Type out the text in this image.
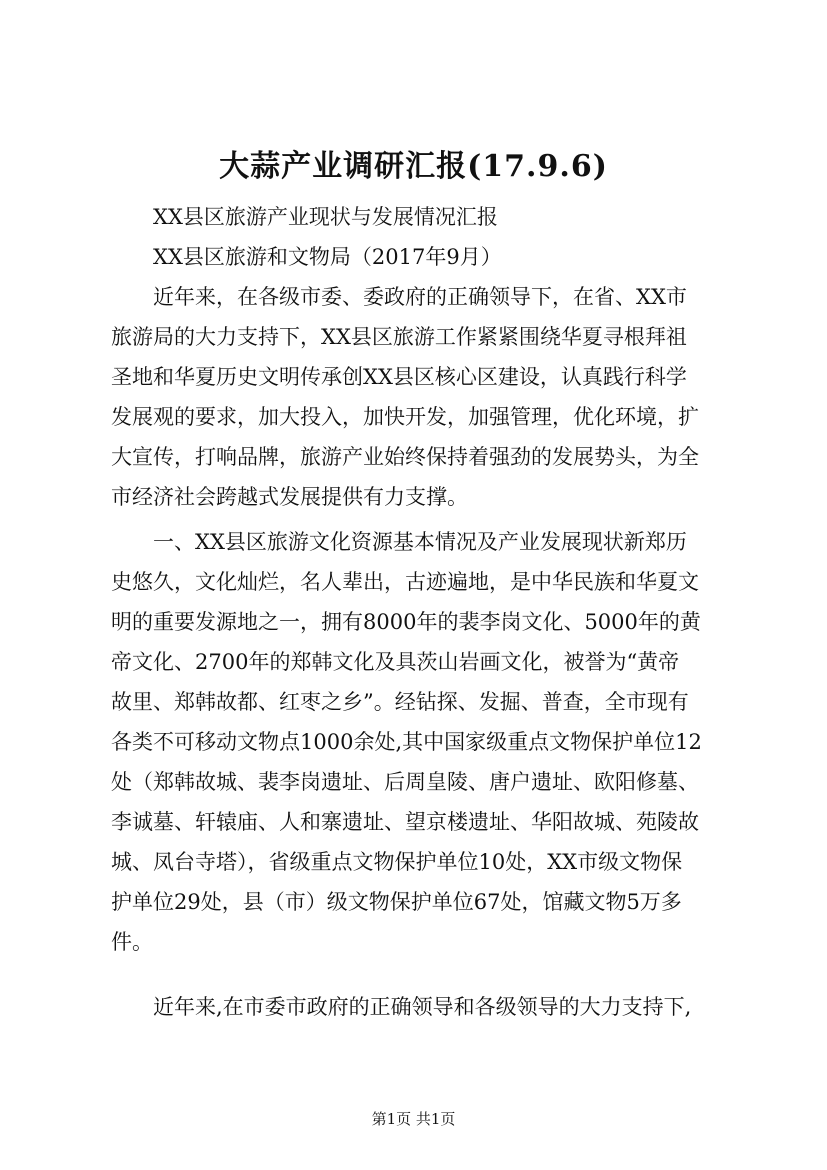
大蒜产业调研汇报(17.9.6)
XX县区旅游产业现状与发展情况汇报
XX县区旅游和文物局（2017年9月）
近年来，在各级市委、委政府的正确领导下，在省、XX市
旅游局的大力支持下，XX县区旅游工作紧紧围绕华夏寻根拜祖
圣地和华夏历史文明传承创XX县区核心区建设，认真践行科学
发展观的要求，加大投入，加快开发，加强管理，优化环境，扩
大宣传，打响品牌，旅游产业始终保持着强劲的发展势头，为全
市经济社会跨越式发展提供有力支撑。
一、XX县区旅游文化资源基本情况及产业发展现状新郑历
史悠久，文化灿烂，名人辈出，古迹遍地，是中华民族和华夏文
明的重要发源地之一，拥有8000年的裴李岗文化、5000年的黄
帝文化、2700年的郑韩文化及具茨山岩画文化，被誉为“黄帝
故里、郑韩故都、红枣之乡”。经钻探、发掘、普查，全市现有
各类不可移动文物点1000余处,其中国家级重点文物保护单位12
处（郑韩故城、裴李岗遗址、后周皇陵、唐户遗址、欧阳修墓、
李诚墓、轩辕庙、人和寨遗址、望京楼遗址、华阳故城、苑陵故
城、凤台寺塔），省级重点文物保护单位10处，XX市级文物保
护单位29处，县（市）级文物保护单位67处，馆藏文物5万多
件。
近年来,在市委市政府的正确领导和各级领导的大力支持下,
第1页 共1页
